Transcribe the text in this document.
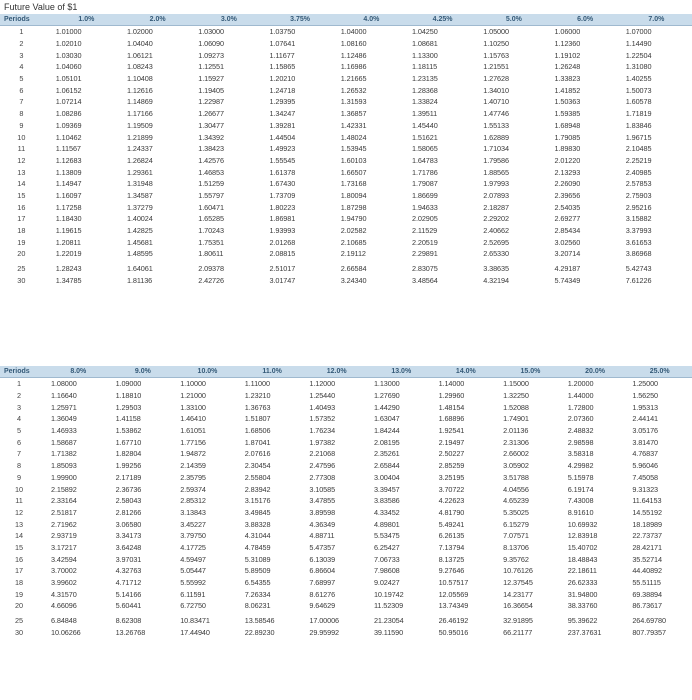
Future Value of $1
Periods	1.0%	2.0%	3.0%	3.75%	4.0%	4.25%	5.0%	6.0%	7.0%
1	1.01000	1.02000	1.03000	1.03750	1.04000	1.04250	1.05000	1.06000	1.07000
2	1.02010	1.04040	1.06090	1.07641	1.08160	1.08681	1.10250	1.12360	1.14490
3	1.03030	1.06121	1.09273	1.11677	1.12486	1.13300	1.15763	1.19102	1.22504
4	1.04060	1.08243	1.12551	1.15865	1.16986	1.18115	1.21551	1.26248	1.31080
5	1.05101	1.10408	1.15927	1.20210	1.21665	1.23135	1.27628	1.33823	1.40255
6	1.06152	1.12616	1.19405	1.24718	1.26532	1.28368	1.34010	1.41852	1.50073
7	1.07214	1.14869	1.22987	1.29395	1.31593	1.33824	1.40710	1.50363	1.60578
8	1.08286	1.17166	1.26677	1.34247	1.36857	1.39511	1.47746	1.59385	1.71819
9	1.09369	1.19509	1.30477	1.39281	1.42331	1.45440	1.55133	1.68948	1.83846
10	1.10462	1.21899	1.34392	1.44504	1.48024	1.51621	1.62889	1.79085	1.96715
11	1.11567	1.24337	1.38423	1.49923	1.53945	1.58065	1.71034	1.89830	2.10485
12	1.12683	1.26824	1.42576	1.55545	1.60103	1.64783	1.79586	2.01220	2.25219
13	1.13809	1.29361	1.46853	1.61378	1.66507	1.71786	1.88565	2.13293	2.40985
14	1.14947	1.31948	1.51259	1.67430	1.73168	1.79087	1.97993	2.26090	2.57853
15	1.16097	1.34587	1.55797	1.73709	1.80094	1.86699	2.07893	2.39656	2.75903
16	1.17258	1.37279	1.60471	1.80223	1.87298	1.94633	2.18287	2.54035	2.95216
17	1.18430	1.40024	1.65285	1.86981	1.94790	2.02905	2.29202	2.69277	3.15882
18	1.19615	1.42825	1.70243	1.93993	2.02582	2.11529	2.40662	2.85434	3.37993
19	1.20811	1.45681	1.75351	2.01268	2.10685	2.20519	2.52695	3.02560	3.61653
20	1.22019	1.48595	1.80611	2.08815	2.19112	2.29891	2.65330	3.20714	3.86968

25	1.28243	1.64061	2.09378	2.51017	2.66584	2.83075	3.38635	4.29187	5.42743
30	1.34785	1.81136	2.42726	3.01747	3.24340	3.48564	4.32194	5.74349	7.61226
Periods	8.0%	9.0%	10.0%	11.0%	12.0%	13.0%	14.0%	15.0%	20.0%	25.0%
1	1.08000	1.09000	1.10000	1.11000	1.12000	1.13000	1.14000	1.15000	1.20000	1.25000
2	1.16640	1.18810	1.21000	1.23210	1.25440	1.27690	1.29960	1.32250	1.44000	1.56250
3	1.25971	1.29503	1.33100	1.36763	1.40493	1.44290	1.48154	1.52088	1.72800	1.95313
4	1.36049	1.41158	1.46410	1.51807	1.57352	1.63047	1.68896	1.74901	2.07360	2.44141
5	1.46933	1.53862	1.61051	1.68506	1.76234	1.84244	1.92541	2.01136	2.48832	3.05176
6	1.58687	1.67710	1.77156	1.87041	1.97382	2.08195	2.19497	2.31306	2.98598	3.81470
7	1.71382	1.82804	1.94872	2.07616	2.21068	2.35261	2.50227	2.66002	3.58318	4.76837
8	1.85093	1.99256	2.14359	2.30454	2.47596	2.65844	2.85259	3.05902	4.29982	5.96046
9	1.99900	2.17189	2.35795	2.55804	2.77308	3.00404	3.25195	3.51788	5.15978	7.45058
10	2.15892	2.36736	2.59374	2.83942	3.10585	3.39457	3.70722	4.04556	6.19174	9.31323
11	2.33164	2.58043	2.85312	3.15176	3.47855	3.83586	4.22623	4.65239	7.43008	11.64153
12	2.51817	2.81266	3.13843	3.49845	3.89598	4.33452	4.81790	5.35025	8.91610	14.55192
13	2.71962	3.06580	3.45227	3.88328	4.36349	4.89801	5.49241	6.15279	10.69932	18.18989
14	2.93719	3.34173	3.79750	4.31044	4.88711	5.53475	6.26135	7.07571	12.83918	22.73737
15	3.17217	3.64248	4.17725	4.78459	5.47357	6.25427	7.13794	8.13706	15.40702	28.42171
16	3.42594	3.97031	4.59497	5.31089	6.13039	7.06733	8.13725	9.35762	18.48843	35.52714
17	3.70002	4.32763	5.05447	5.89509	6.86604	7.98608	9.27646	10.76126	22.18611	44.40892
18	3.99602	4.71712	5.55992	6.54355	7.68997	9.02427	10.57517	12.37545	26.62333	55.51115
19	4.31570	5.14166	6.11591	7.26334	8.61276	10.19742	12.05569	14.23177	31.94800	69.38894
20	4.66096	5.60441	6.72750	8.06231	9.64629	11.52309	13.74349	16.36654	38.33760	86.73617

25	6.84848	8.62308	10.83471	13.58546	17.00006	21.23054	26.46192	32.91895	95.39622	264.69780
30	10.06266	13.26768	17.44940	22.89230	29.95992	39.11590	50.95016	66.21177	237.37631	807.79357
